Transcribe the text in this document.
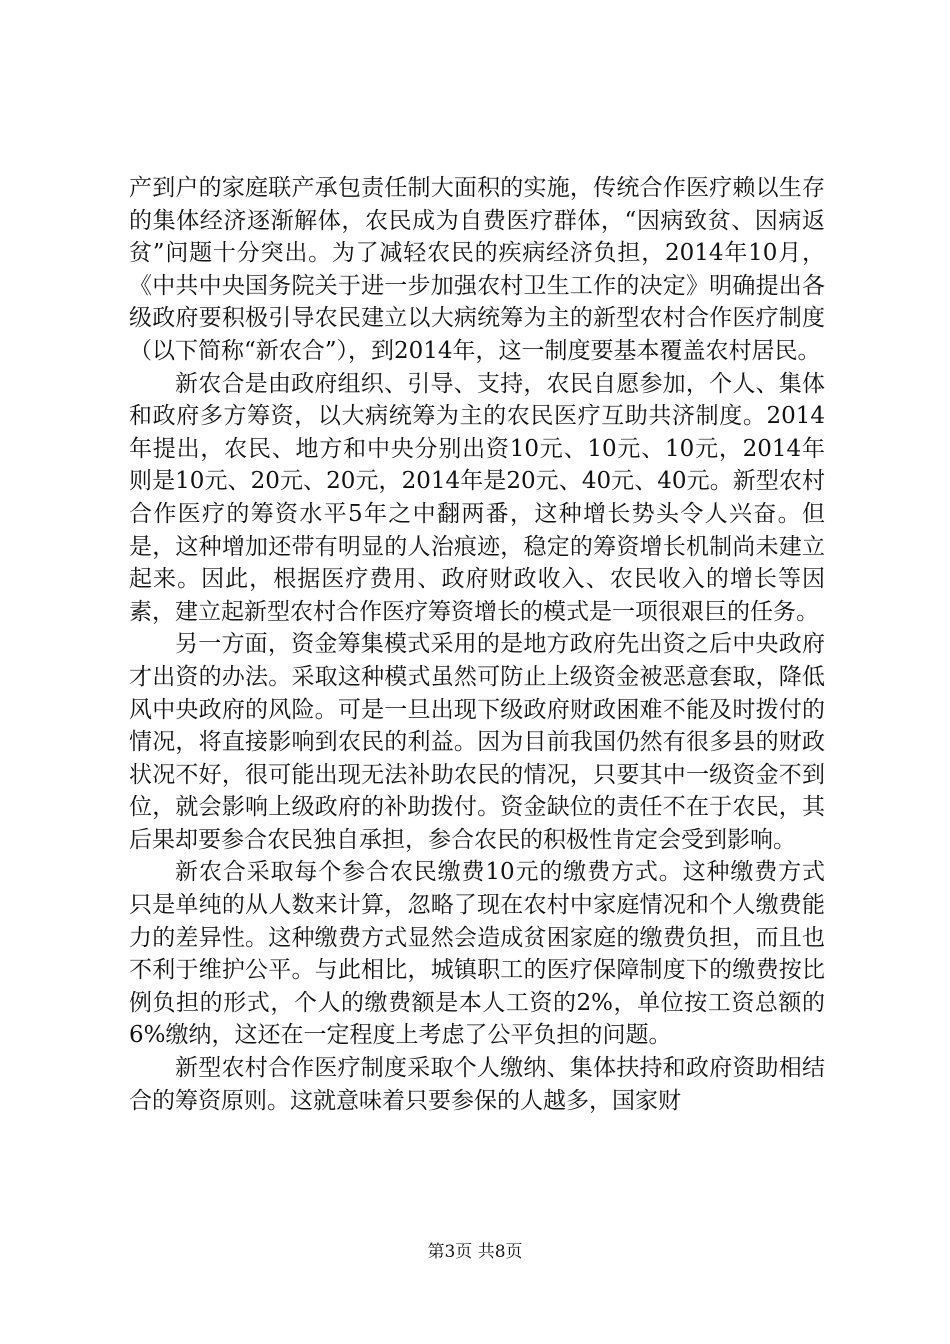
产到户的家庭联产承包责任制大面积的实施，传统合作医疗赖以生存的集体经济逐渐解体，农民成为自费医疗群体，“因病致贫、因病返贫”问题十分突出。为了减轻农民的疾病经济负担，2014年10月，《中共中央国务院关于进一步加强农村卫生工作的决定》明确提出各级政府要积极引导农民建立以大病统筹为主的新型农村合作医疗制度（以下简称“新农合”），到2014年，这一制度要基本覆盖农村居民。

新农合是由政府组织、引导、支持，农民自愿参加，个人、集体和政府多方筹资，以大病统筹为主的农民医疗互助共济制度。2014年提出，农民、地方和中央分别出资10元、10元、10元，2014年则是10元、20元、20元，2014年是20元、40元、40元。新型农村合作医疗的筹资水平5年之中翻两番，这种增长势头令人兴奋。但是，这种增加还带有明显的人治痕迹，稳定的筹资增长机制尚未建立起来。因此，根据医疗费用、政府财政收入、农民收入的增长等因素，建立起新型农村合作医疗筹资增长的模式是一项很艰巨的任务。

另一方面，资金筹集模式采用的是地方政府先出资之后中央政府才出资的办法。采取这种模式虽然可防止上级资金被恶意套取，降低风中央政府的风险。可是一旦出现下级政府财政困难不能及时拨付的情况，将直接影响到农民的利益。因为目前我国仍然有很多县的财政状况不好，很可能出现无法补助农民的情况，只要其中一级资金不到位，就会影响上级政府的补助拨付。资金缺位的责任不在于农民，其后果却要参合农民独自承担，参合农民的积极性肯定会受到影响。

新农合采取每个参合农民缴费10元的缴费方式。这种缴费方式只是单纯的从人数来计算，忽略了现在农村中家庭情况和个人缴费能力的差异性。这种缴费方式显然会造成贫困家庭的缴费负担，而且也不利于维护公平。与此相比，城镇职工的医疗保障制度下的缴费按比例负担的形式，个人的缴费额是本人工资的2%，单位按工资总额的6%缴纳，这还在一定程度上考虑了公平负担的问题。

新型农村合作医疗制度采取个人缴纳、集体扶持和政府资助相结合的筹资原则。这就意味着只要参保的人越多，国家财

第3页 共8页
